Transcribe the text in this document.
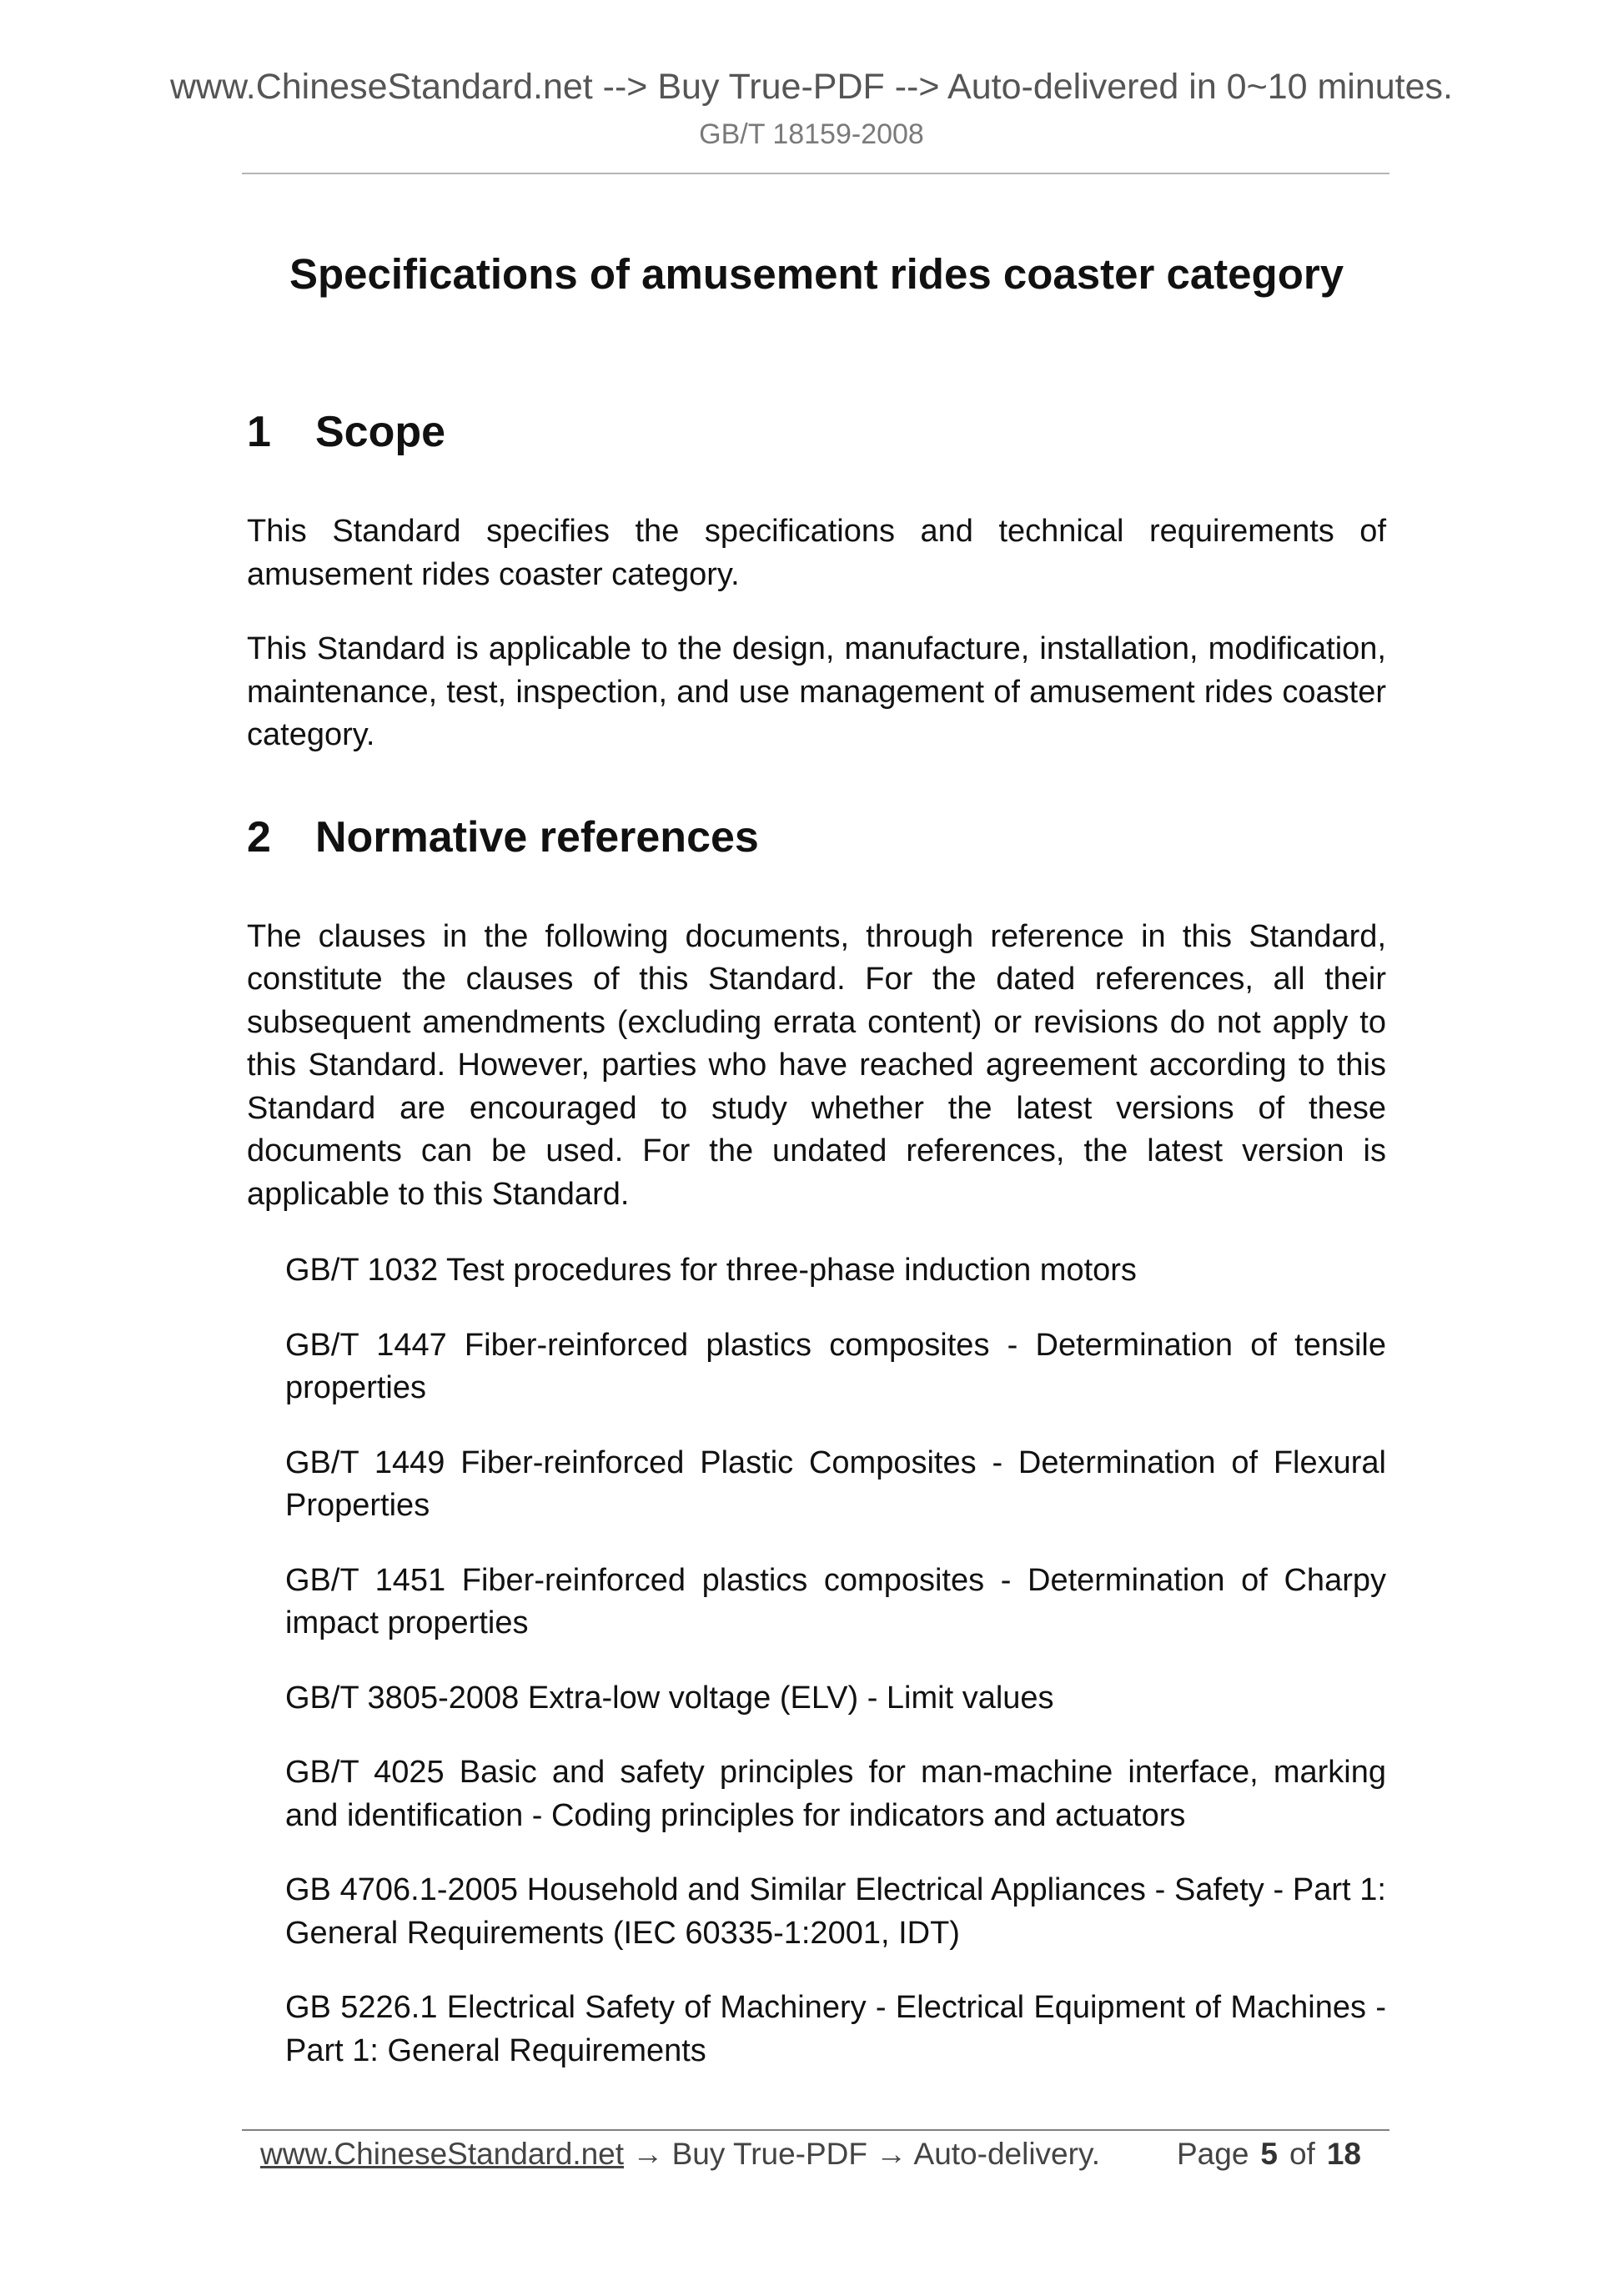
www.ChineseStandard.net --> Buy True-PDF --> Auto-delivered in 0~10 minutes.
GB/T 18159-2008
Specifications of amusement rides coaster category
1	Scope

This Standard specifies the specifications and technical requirements of amusement rides coaster category.

This Standard is applicable to the design, manufacture, installation, modification, maintenance, test, inspection, and use management of amusement rides coaster category.

2	Normative references

The clauses in the following documents, through reference in this Standard, constitute the clauses of this Standard. For the dated references, all their subsequent amendments (excluding errata content) or revisions do not apply to this Standard. However, parties who have reached agreement according to this Standard are encouraged to study whether the latest versions of these documents can be used. For the undated references, the latest version is applicable to this Standard.

GB/T 1032 Test procedures for three-phase induction motors
GB/T 1447 Fiber-reinforced plastics composites - Determination of tensile properties
GB/T 1449 Fiber-reinforced Plastic Composites - Determination of Flexural Properties
GB/T 1451 Fiber-reinforced plastics composites - Determination of Charpy impact properties
GB/T 3805-2008 Extra-low voltage (ELV) - Limit values
GB/T 4025 Basic and safety principles for man-machine interface, marking and identification - Coding principles for indicators and actuators
GB 4706.1-2005 Household and Similar Electrical Appliances - Safety - Part 1: General Requirements (IEC 60335-1:2001, IDT)
GB 5226.1 Electrical Safety of Machinery - Electrical Equipment of Machines - Part 1: General Requirements
www.ChineseStandard.net → Buy True-PDF → Auto-delivery. Page 5 of 18
